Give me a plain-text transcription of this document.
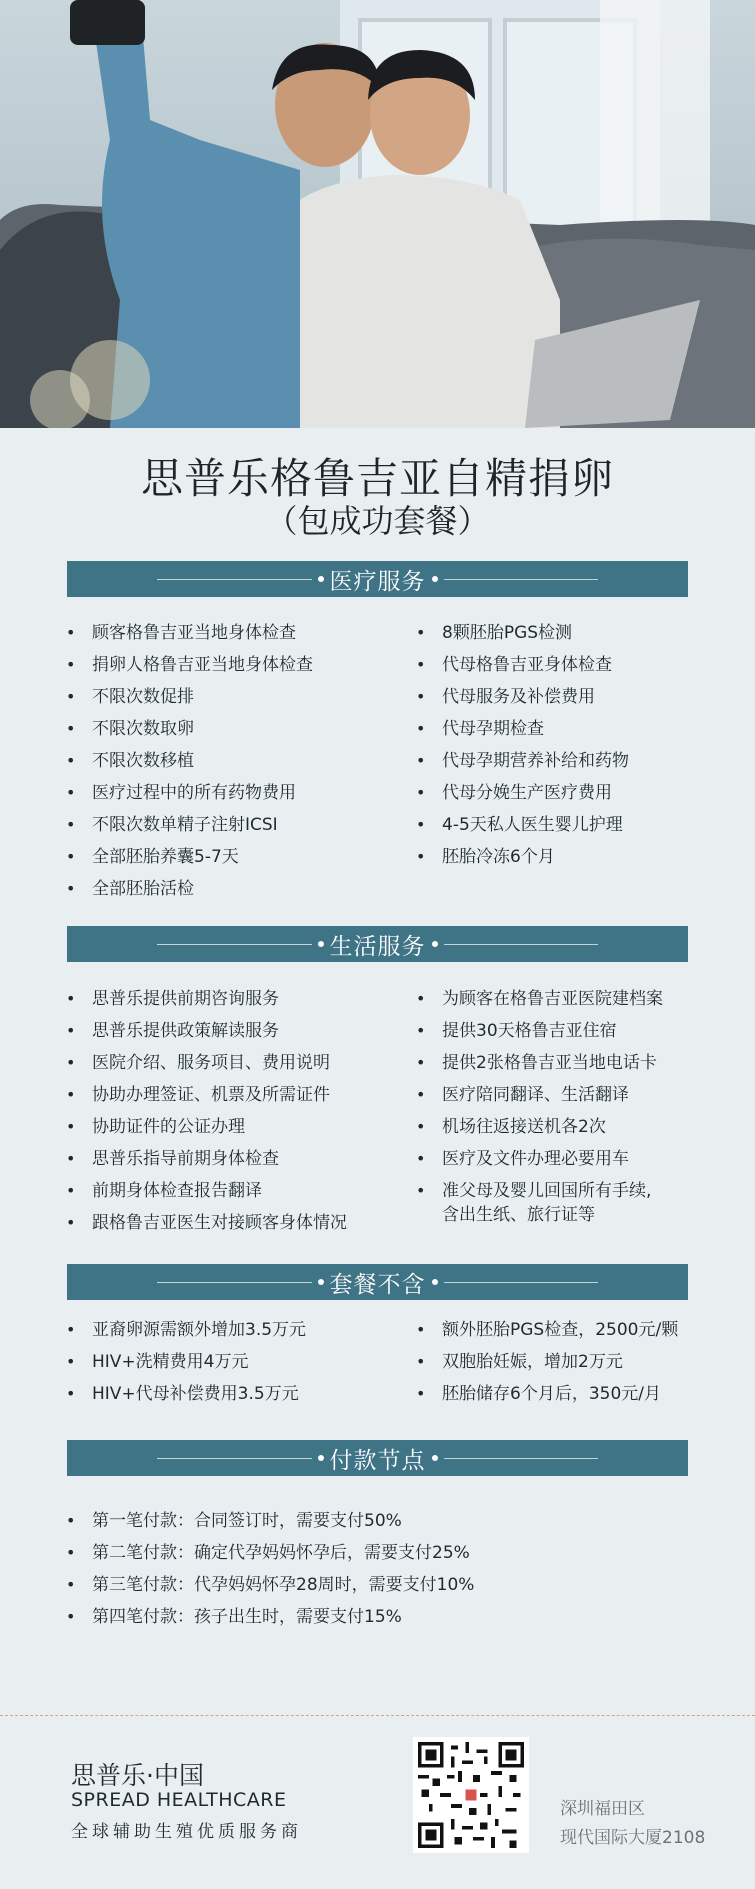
思普乐格鲁吉亚自精捐卵
（包成功套餐）
医疗服务
• 顾客格鲁吉亚当地身体检查
• 捐卵人格鲁吉亚当地身体检查
• 不限次数促排
• 不限次数取卵
• 不限次数移植
• 医疗过程中的所有药物费用
• 不限次数单精子注射ICSI
• 全部胚胎养囊5-7天
• 全部胚胎活检
• 8颗胚胎PGS检测
• 代母格鲁吉亚身体检查
• 代母服务及补偿费用
• 代母孕期检查
• 代母孕期营养补给和药物
• 代母分娩生产医疗费用
• 4-5天私人医生婴儿护理
• 胚胎冷冻6个月
生活服务
• 思普乐提供前期咨询服务
• 思普乐提供政策解读服务
• 医院介绍、服务项目、费用说明
• 协助办理签证、机票及所需证件
• 协助证件的公证办理
• 思普乐指导前期身体检查
• 前期身体检查报告翻译
• 跟格鲁吉亚医生对接顾客身体情况
• 为顾客在格鲁吉亚医院建档案
• 提供30天格鲁吉亚住宿
• 提供2张格鲁吉亚当地电话卡
• 医疗陪同翻译、生活翻译
• 机场往返接送机各2次
• 医疗及文件办理必要用车
• 准父母及婴儿回国所有手续,
含出生纸、旅行证等
套餐不含
• 亚裔卵源需额外增加3.5万元
• HIV+洗精费用4万元
• HIV+代母补偿费用3.5万元
• 额外胚胎PGS检查，2500元/颗
• 双胞胎妊娠，增加2万元
• 胚胎储存6个月后，350元/月
付款节点
• 第一笔付款：合同签订时，需要支付50%
• 第二笔付款：确定代孕妈妈怀孕后，需要支付25%
• 第三笔付款：代孕妈妈怀孕28周时，需要支付10%
• 第四笔付款：孩子出生时，需要支付15%
思普乐·中国
SPREAD HEALTHCARE
全球辅助生殖优质服务商
深圳福田区
现代国际大厦2108
